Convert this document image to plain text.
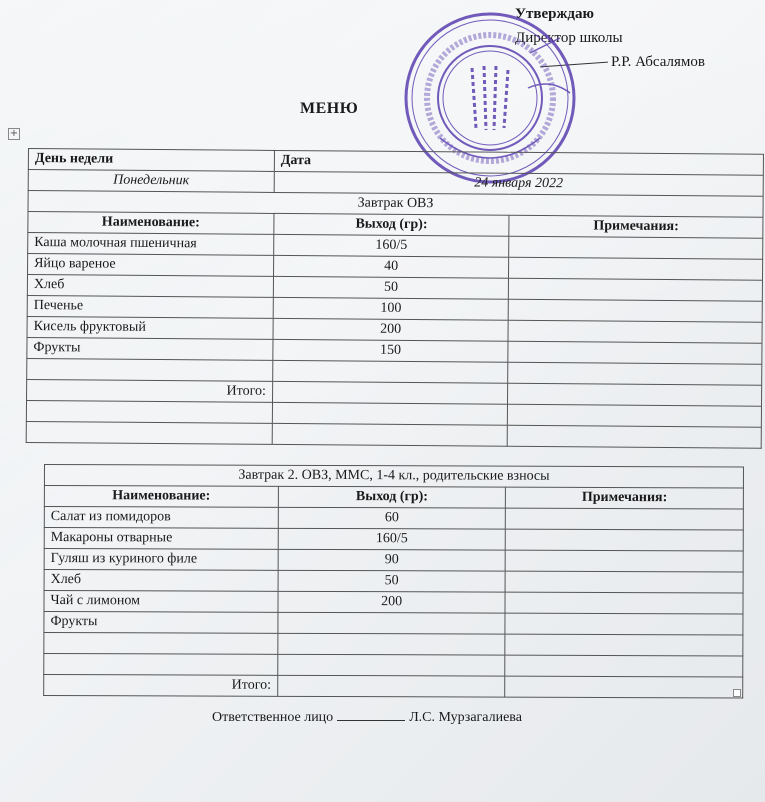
Утверждаю
Директор школы
Р.Р. Абсалямов
МЕНЮ
+
День недели	Дата	
Понедельник	24 января 2022	
Завтрак ОВЗ		
Наименование:	Выход (гр):	Примечания:
Каша молочная пшеничная	160/5	
Яйцо вареное	40	
Хлеб	50	
Печенье	100	
Кисель фруктовый	200	
Фрукты	150	

Итого:		

Завтрак 2. ОВЗ, ММС, 1-4 кл., родительские взносы		
Наименование:	Выход (гр):	Примечания:
Салат из помидоров	60	
Макароны отварные	160/5	
Гуляш из куриного филе	90	
Хлеб	50	
Чай с лимоном	200	
Фрукты		

Итого:		
Ответственное лицо	Л.С. Мурзагалиева
